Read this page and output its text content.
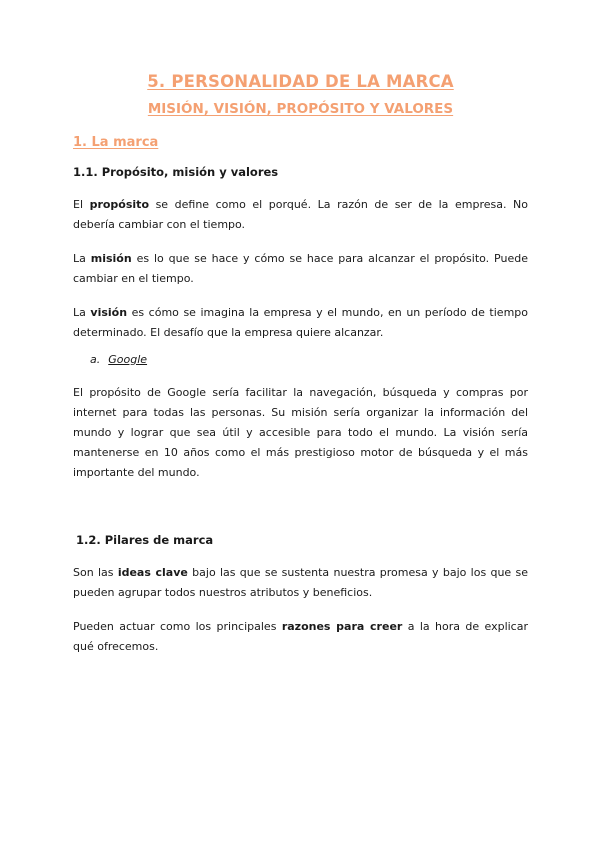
5. PERSONALIDAD DE LA MARCA
MISIÓN, VISIÓN, PROPÓSITO Y VALORES
1. La marca
1.1. Propósito, misión y valores

El propósito se define como el porqué. La razón de ser de la empresa. No debería cambiar con el tiempo.

La misión es lo que se hace y cómo se hace para alcanzar el propósito. Puede cambiar en el tiempo.

La visión es cómo se imagina la empresa y el mundo, en un período de tiempo determinado. El desafío que la empresa quiere alcanzar.

a. Google

El propósito de Google sería facilitar la navegación, búsqueda y compras por internet para todas las personas. Su misión sería organizar la información del mundo y lograr que sea útil y accesible para todo el mundo. La visión sería mantenerse en 10 años como el más prestigioso motor de búsqueda y el más importante del mundo.

1.2. Pilares de marca

Son las ideas clave bajo las que se sustenta nuestra promesa y bajo los que se pueden agrupar todos nuestros atributos y beneficios.

Pueden actuar como los principales razones para creer a la hora de explicar qué ofrecemos.
